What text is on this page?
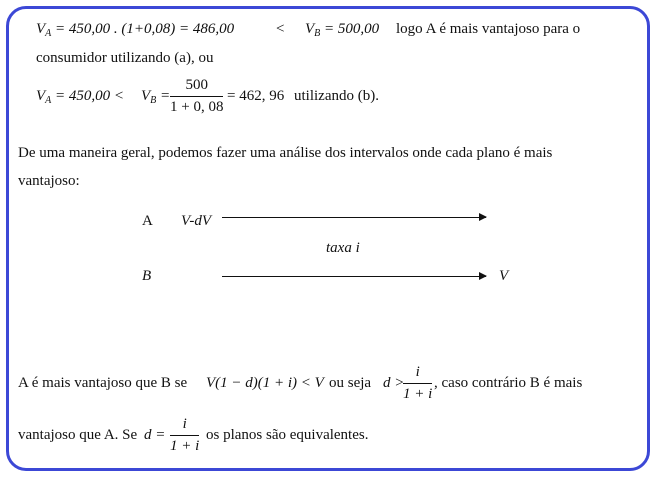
$V_A = 450,00$ . (1+0,08) = 486,00	< $V_B = 500,00$ logo A é mais vantajoso para o
consumidor utilizando (a), ou
$V_A = 450,00 < V_B = \frac{500}{1 + 0, 08} = 462$, 96 utilizando (b).
De uma maneira geral, podemos fazer uma análise dos intervalos onde cada plano é mais
vantajoso:
A V-dV
taxa i
B	V
A é mais vantajoso que B se V(1 − d)(1 + i) < V ou seja d >
$\frac{i}{1 + i}$ , caso contrário B é mais
vantajoso que A. Se $d = \frac{i}{1 + i}$ os planos são equivalentes.
